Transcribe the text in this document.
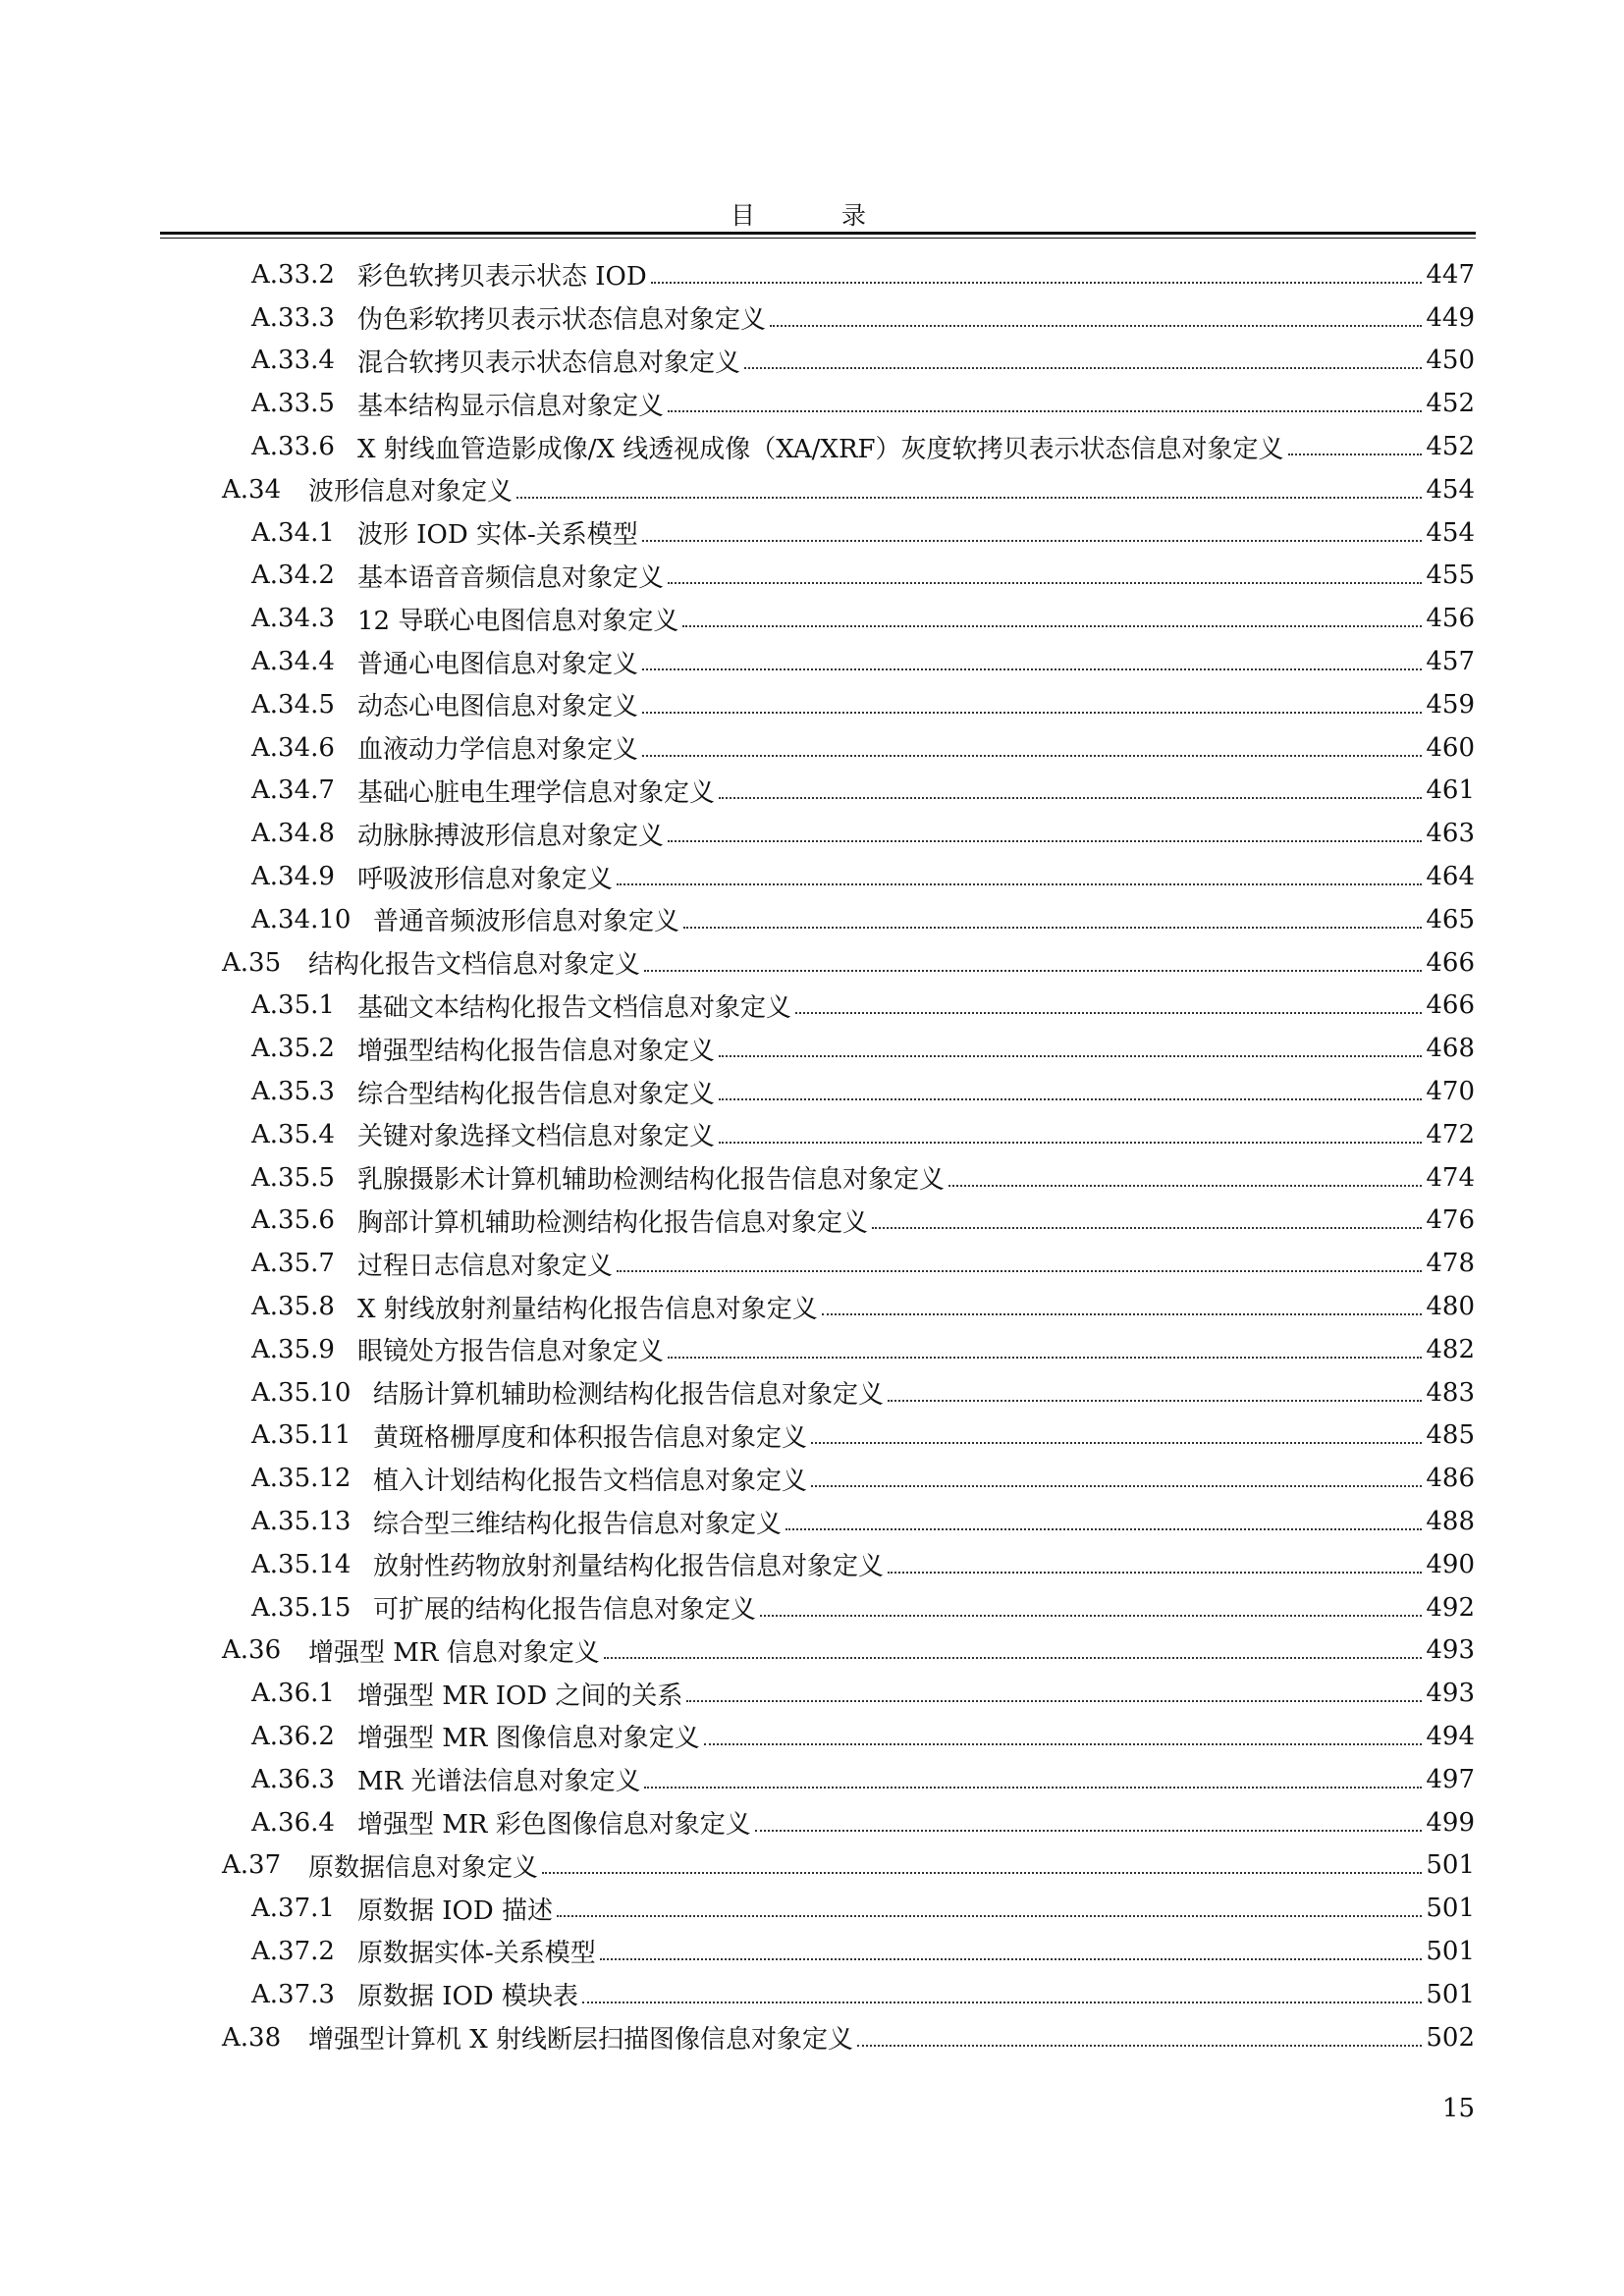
目 录
A.33.2 彩色软拷贝表示状态 IOD	447
A.33.3 伪色彩软拷贝表示状态信息对象定义	449
A.33.4 混合软拷贝表示状态信息对象定义	450
A.33.5 基本结构显示信息对象定义	452
A.33.6 X 射线血管造影成像/X 线透视成像（XA/XRF）灰度软拷贝表示状态信息对象定义	452
A.34	波形信息对象定义	454
A.34.1 波形 IOD 实体-关系模型	454
A.34.2 基本语音音频信息对象定义	455
A.34.3 12 导联心电图信息对象定义	456
A.34.4 普通心电图信息对象定义	457
A.34.5 动态心电图信息对象定义	459
A.34.6 血液动力学信息对象定义	460
A.34.7 基础心脏电生理学信息对象定义	461
A.34.8 动脉脉搏波形信息对象定义	463
A.34.9 呼吸波形信息对象定义	464
A.34.10 普通音频波形信息对象定义	465
A.35	结构化报告文档信息对象定义	466
A.35.1 基础文本结构化报告文档信息对象定义	466
A.35.2 增强型结构化报告信息对象定义	468
A.35.3 综合型结构化报告信息对象定义	470
A.35.4 关键对象选择文档信息对象定义	472
A.35.5 乳腺摄影术计算机辅助检测结构化报告信息对象定义	474
A.35.6 胸部计算机辅助检测结构化报告信息对象定义	476
A.35.7 过程日志信息对象定义	478
A.35.8 X 射线放射剂量结构化报告信息对象定义	480
A.35.9 眼镜处方报告信息对象定义	482
A.35.10 结肠计算机辅助检测结构化报告信息对象定义	483
A.35.11 黄斑格栅厚度和体积报告信息对象定义	485
A.35.12 植入计划结构化报告文档信息对象定义	486
A.35.13 综合型三维结构化报告信息对象定义	488
A.35.14 放射性药物放射剂量结构化报告信息对象定义	490
A.35.15 可扩展的结构化报告信息对象定义	492
A.36	增强型 MR 信息对象定义	493
A.36.1 增强型 MR IOD 之间的关系	493
A.36.2 增强型 MR 图像信息对象定义	494
A.36.3 MR 光谱法信息对象定义	497
A.36.4 增强型 MR 彩色图像信息对象定义	499
A.37	原数据信息对象定义	501
A.37.1 原数据 IOD 描述	501
A.37.2 原数据实体-关系模型	501
A.37.3 原数据 IOD 模块表	501
A.38	增强型计算机 X 射线断层扫描图像信息对象定义	502
15
